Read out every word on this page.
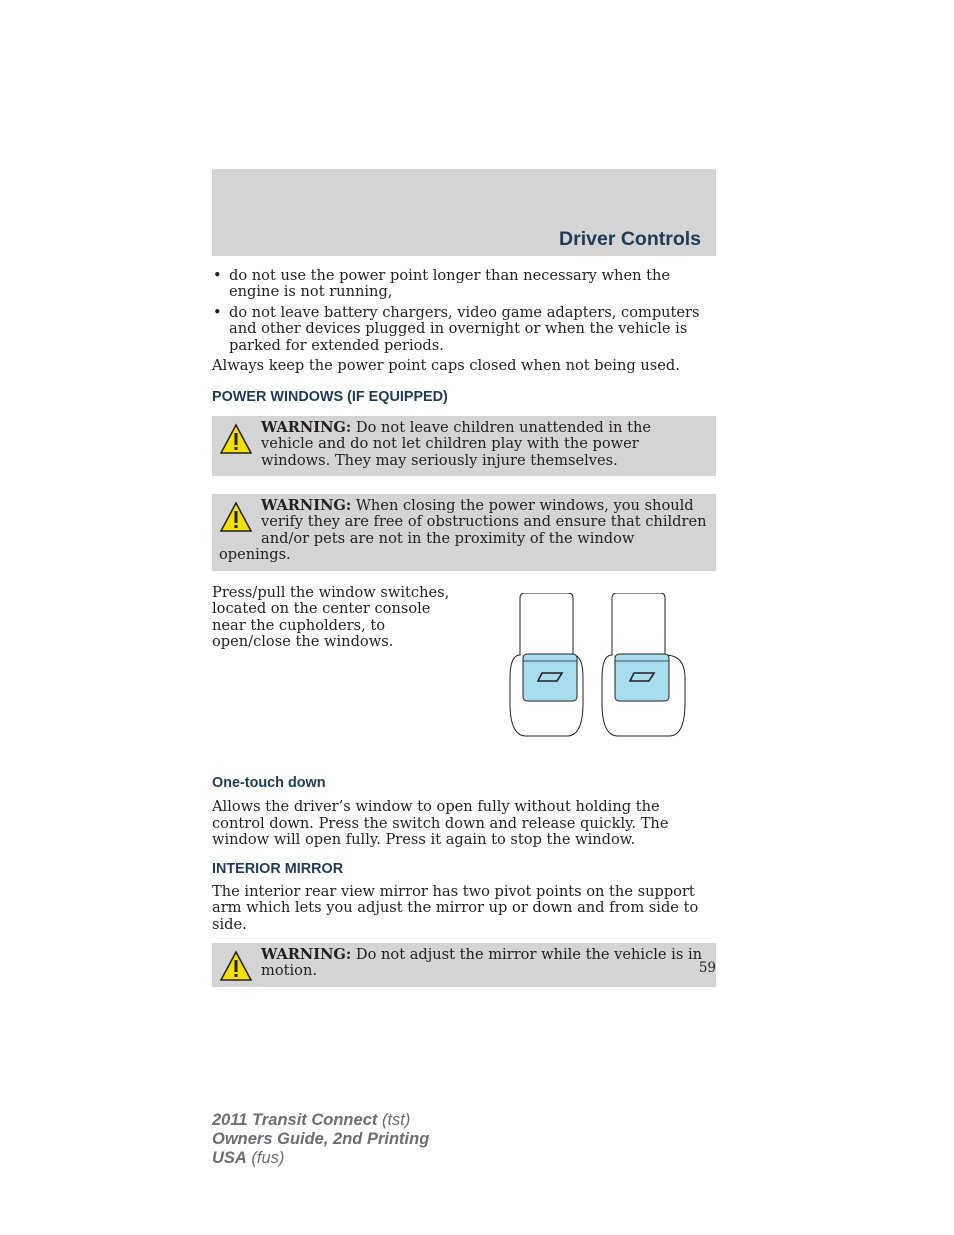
Driver Controls
• do not use the power point longer than necessary when the engine is not running,
• do not leave battery chargers, video game adapters, computers and other devices plugged in overnight or when the vehicle is parked for extended periods.

Always keep the power point caps closed when not being used.

POWER WINDOWS (IF EQUIPPED)
WARNING: Do not leave children unattended in the vehicle and do not let children play with the power windows. They may seriously injure themselves.
WARNING: When closing the power windows, you should verify they are free of obstructions and ensure that children and/or pets are not in the proximity of the window openings.
Press/pull the window switches, located on the center console near the cupholders, to open/close the windows.
One-touch down

Allows the driver’s window to open fully without holding the control down. Press the switch down and release quickly. The window will open fully. Press it again to stop the window.

INTERIOR MIRROR

The interior rear view mirror has two pivot points on the support arm which lets you adjust the mirror up or down and from side to side.

WARNING: Do not adjust the mirror while the vehicle is in motion.	59
2011 Transit Connect (tst)
Owners Guide, 2nd Printing
USA (fus)
